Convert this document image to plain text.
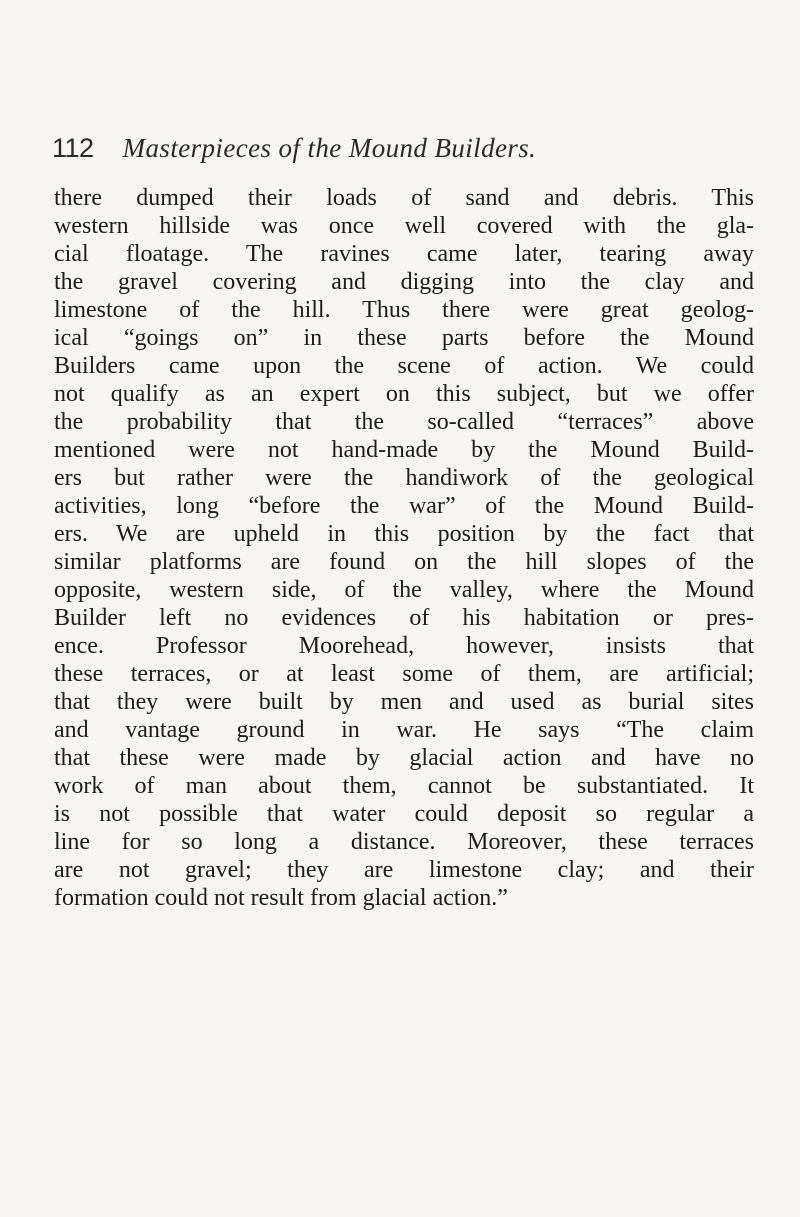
112 Masterpieces of the Mound Builders.
there dumped their loads of sand and debris. This
western hillside was once well covered with the gla-
cial floatage. The ravines came later, tearing away
the gravel covering and digging into the clay and
limestone of the hill. Thus there were great geolog-
ical “goings on” in these parts before the Mound
Builders came upon the scene of action. We could
not qualify as an expert on this subject, but we offer
the probability that the so-called “terraces” above
mentioned were not hand-made by the Mound Build-
ers but rather were the handiwork of the geological
activities, long “before the war” of the Mound Build-
ers. We are upheld in this position by the fact that
similar platforms are found on the hill slopes of the
opposite, western side, of the valley, where the Mound
Builder left no evidences of his habitation or pres-
ence. Professor Moorehead, however, insists that
these terraces, or at least some of them, are artificial;
that they were built by men and used as burial sites
and vantage ground in war. He says “The claim
that these were made by glacial action and have no
work of man about them, cannot be substantiated. It
is not possible that water could deposit so regular a
line for so long a distance. Moreover, these terraces
are not gravel; they are limestone clay; and their
formation could not result from glacial action.”
